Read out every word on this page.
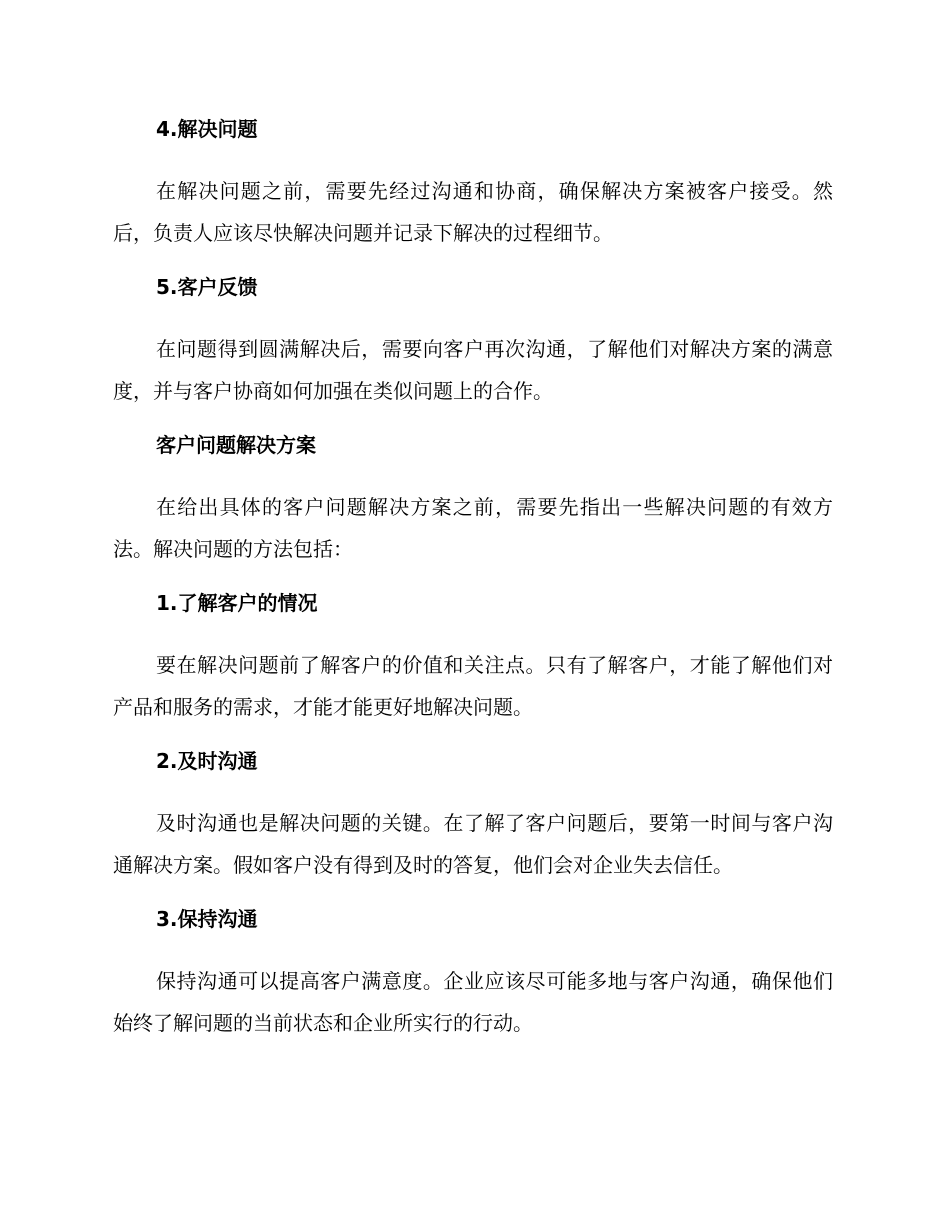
4.解决问题

在解决问题之前，需要先经过沟通和协商，确保解决方案被客户接受。然后，负责人应该尽快解决问题并记录下解决的过程细节。

5.客户反馈

在问题得到圆满解决后，需要向客户再次沟通，了解他们对解决方案的满意度，并与客户协商如何加强在类似问题上的合作。

客户问题解决方案

在给出具体的客户问题解决方案之前，需要先指出一些解决问题的有效方法。解决问题的方法包括：

1.了解客户的情况

要在解决问题前了解客户的价值和关注点。只有了解客户，才能了解他们对产品和服务的需求，才能才能更好地解决问题。

2.及时沟通

及时沟通也是解决问题的关键。在了解了客户问题后，要第一时间与客户沟通解决方案。假如客户没有得到及时的答复，他们会对企业失去信任。

3.保持沟通

保持沟通可以提高客户满意度。企业应该尽可能多地与客户沟通，确保他们始终了解问题的当前状态和企业所实行的行动。
